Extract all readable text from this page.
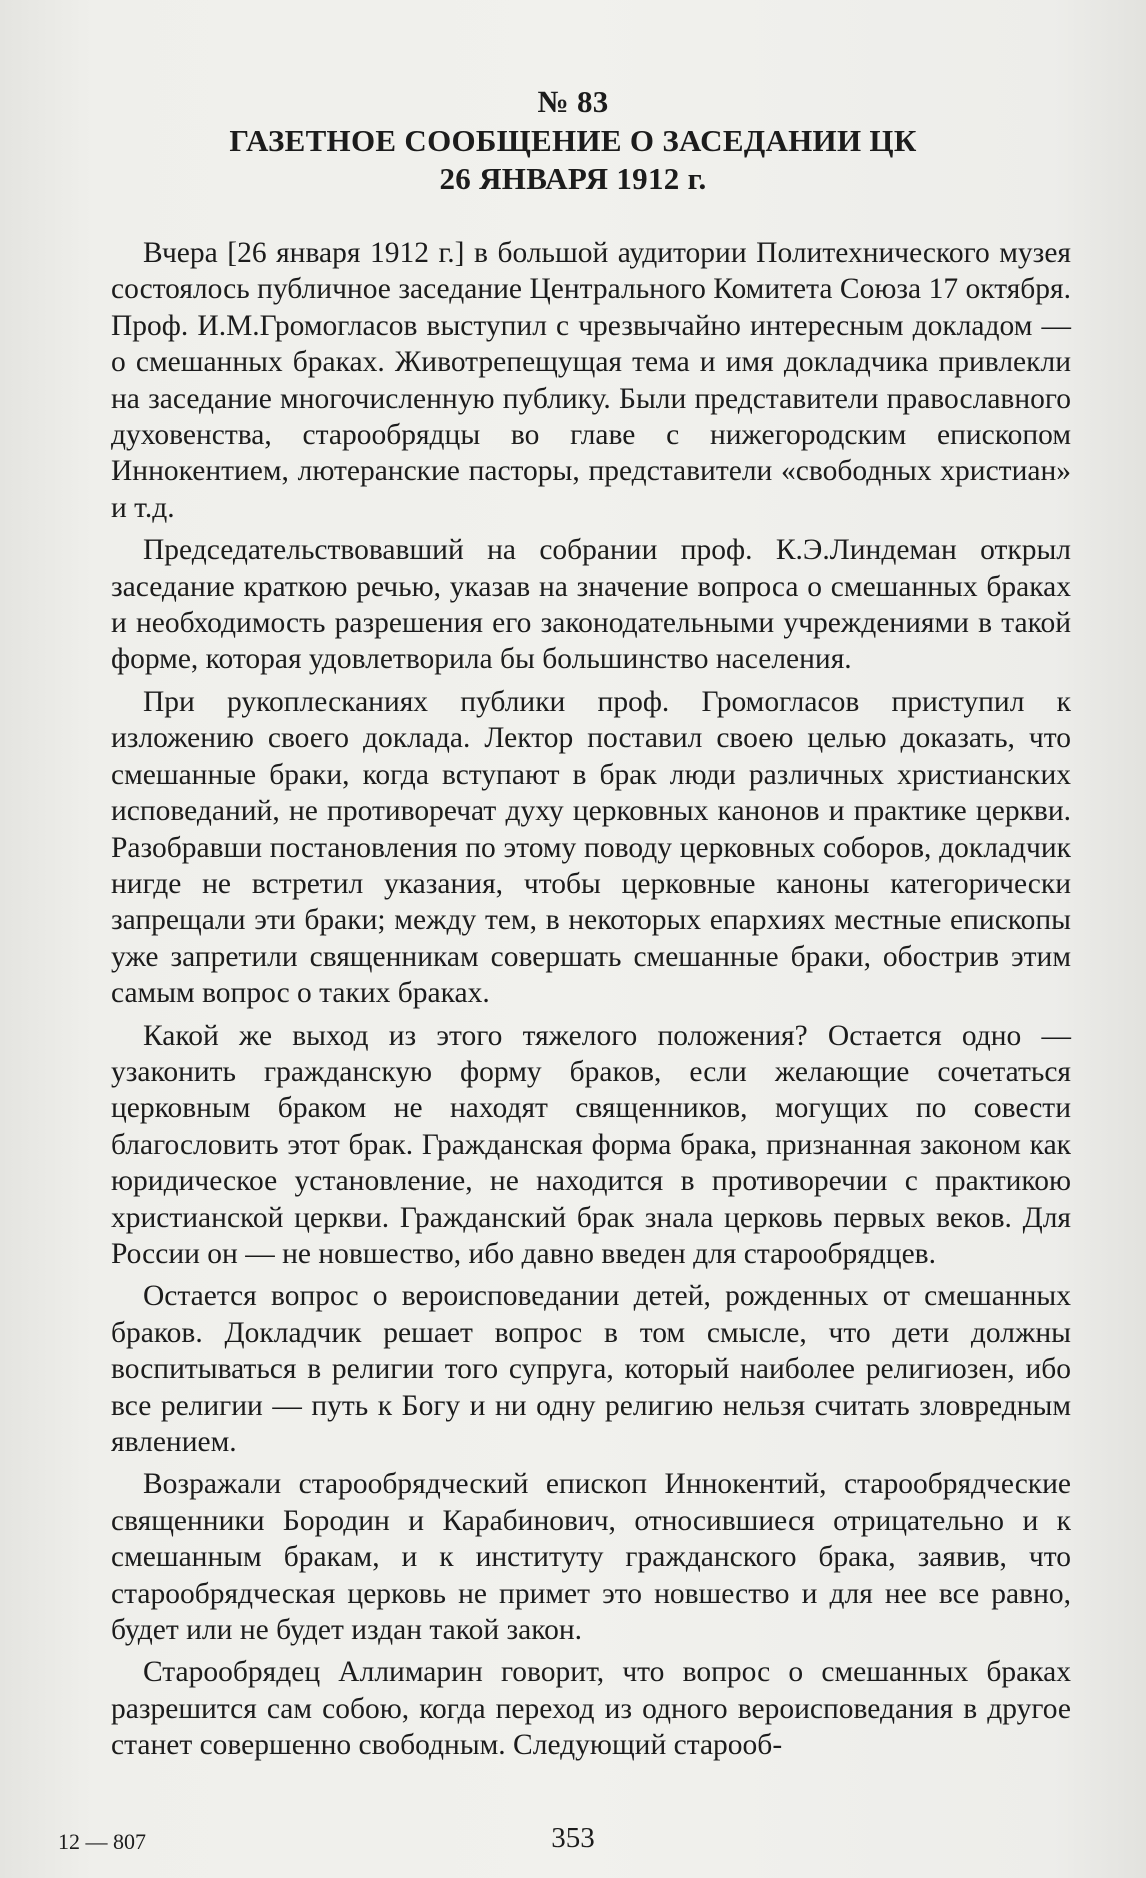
№ 83
ГАЗЕТНОЕ СООБЩЕНИЕ О ЗАСЕДАНИИ ЦК
26 ЯНВАРЯ 1912 г.

Вчера [26 января 1912 г.] в большой аудитории Политехнического музея состоялось публичное заседание Центрального Комитета Союза 17 октября. Проф. И.М.Громогласов выступил с чрезвычайно интересным докладом — о смешанных браках. Животрепещущая тема и имя докладчика привлекли на заседание многочисленную публику. Были представители православного духовенства, старообрядцы во главе с нижегородским епископом Иннокентием, лютеранские пасторы, представители «свободных христиан» и т.д.

Председательствовавший на собрании проф. К.Э.Линдеман открыл заседание краткою речью, указав на значение вопроса о смешанных браках и необходимость разрешения его законодательными учреждениями в такой форме, которая удовлетворила бы большинство населения.

При рукоплесканиях публики проф. Громогласов приступил к изложению своего доклада. Лектор поставил своею целью доказать, что смешанные браки, когда вступают в брак люди различных христианских исповеданий, не противоречат духу церковных канонов и практике церкви. Разобравши постановления по этому поводу церковных соборов, докладчик нигде не встретил указания, чтобы церковные каноны категорически запрещали эти браки; между тем, в некоторых епархиях местные епископы уже запретили священникам совершать смешанные браки, обострив этим самым вопрос о таких браках.

Какой же выход из этого тяжелого положения? Остается одно — узаконить гражданскую форму браков, если желающие сочетаться церковным браком не находят священников, могущих по совести благословить этот брак. Гражданская форма брака, признанная законом как юридическое установление, не находится в противоречии с практикою христианской церкви. Гражданский брак знала церковь первых веков. Для России он — не новшество, ибо давно введен для старообрядцев.

Остается вопрос о вероисповедании детей, рожденных от смешанных браков. Докладчик решает вопрос в том смысле, что дети должны воспитываться в религии того супруга, который наиболее религиозен, ибо все религии — путь к Богу и ни одну религию нельзя считать зловредным явлением.

Возражали старообрядческий епископ Иннокентий, старообрядческие священники Бородин и Карабинович, относившиеся отрицательно и к смешанным бракам, и к институту гражданского брака, заявив, что старообрядческая церковь не примет это новшество и для нее все равно, будет или не будет издан такой закон.

Старообрядец Аллимарин говорит, что вопрос о смешанных браках разрешится сам собою, когда переход из одного вероисповедания в другое станет совершенно свободным. Следующий старооб-

353
12 — 807
